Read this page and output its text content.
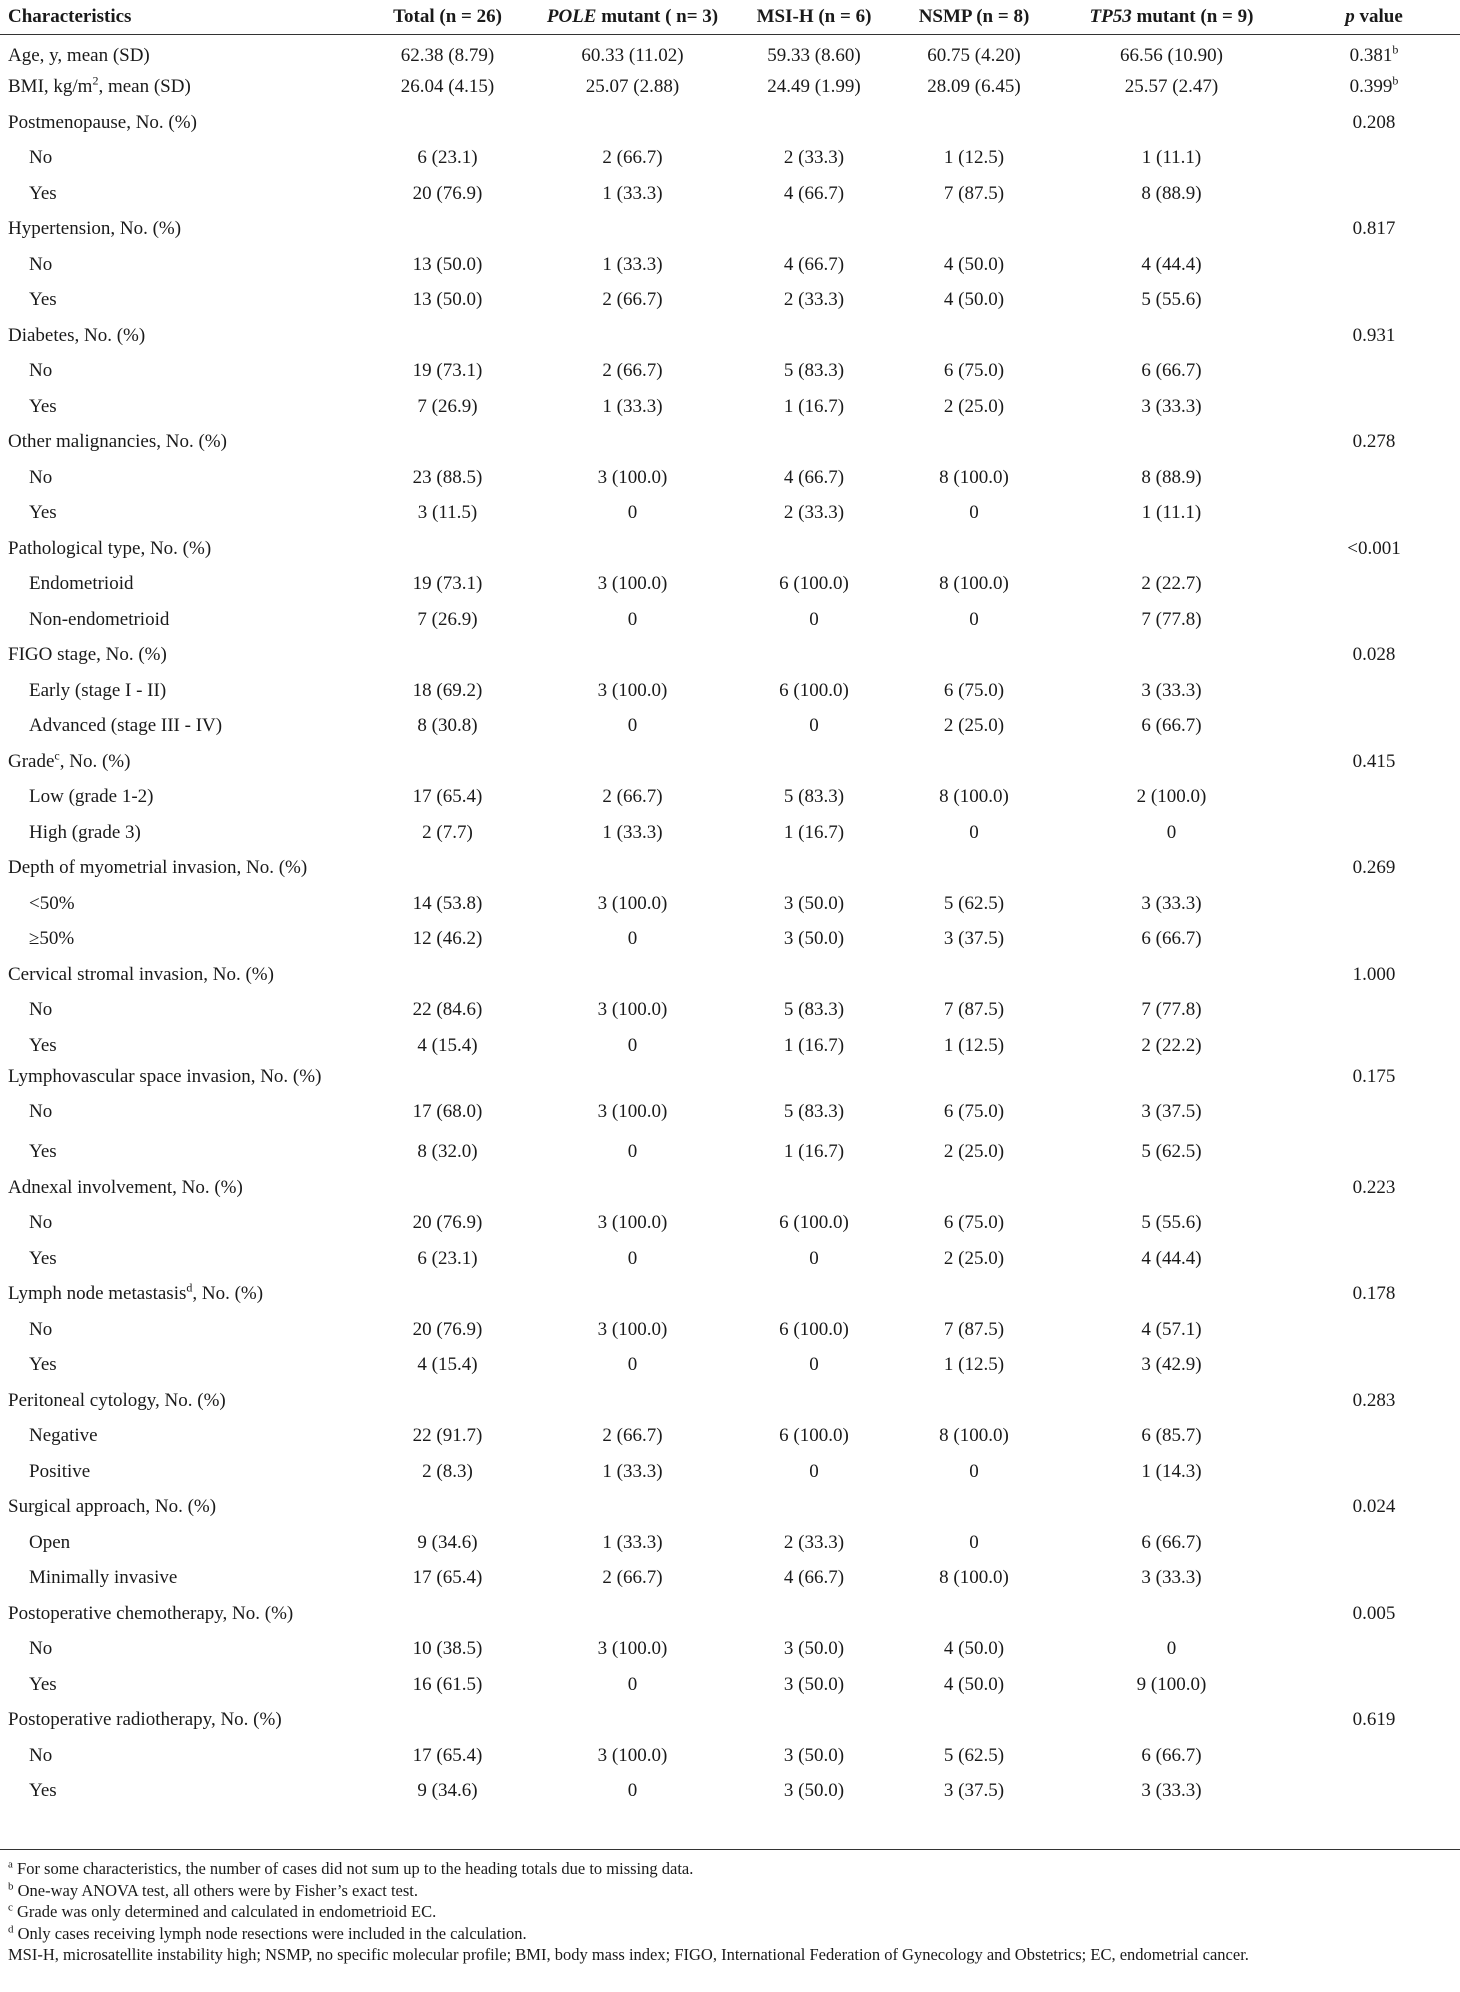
Characteristics	Total (n = 26)	POLE mutant ( n= 3)	MSI-H (n = 6)	NSMP (n = 8)	TP53 mutant (n = 9)	p value
Age, y, mean (SD)	62.38 (8.79)	60.33 (11.02)	59.33 (8.60)	60.75 (4.20)	66.56 (10.90)	0.381$^b$
BMI, $kg/m^2$, mean (SD)	26.04 (4.15)	25.07 (2.88)	24.49 (1.99)	28.09 (6.45)	25.57 (2.47)	0.399$^b$
Postmenopause, No. (%)						0.208
No	6 (23.1)	2 (66.7)	2 (33.3)	1 (12.5)	1 (11.1)	
Yes	20 (76.9)	1 (33.3)	4 (66.7)	7 (87.5)	8 (88.9)	
Hypertension, No. (%)						0.817
No	13 (50.0)	1 (33.3)	4 (66.7)	4 (50.0)	4 (44.4)	
Yes	13 (50.0)	2 (66.7)	2 (33.3)	4 (50.0)	5 (55.6)	
Diabetes, No. (%)						0.931
No	19 (73.1)	2 (66.7)	5 (83.3)	6 (75.0)	6 (66.7)	
Yes	7 (26.9)	1 (33.3)	1 (16.7)	2 (25.0)	3 (33.3)	
Other malignancies, No. (%)						0.278
No	23 (88.5)	3 (100.0)	4 (66.7)	8 (100.0)	8 (88.9)	
Yes	3 (11.5)	0	2 (33.3)	0	1 (11.1)	
Pathological type, No. (%)						<0.001
Endometrioid	19 (73.1)	3 (100.0)	6 (100.0)	8 (100.0)	2 (22.7)	
Non-endometrioid	7 (26.9)	0	0	0	7 (77.8)	
FIGO stage, No. (%)						0.028
Early (stage I - II)	18 (69.2)	3 (100.0)	6 (100.0)	6 (75.0)	3 (33.3)	
Advanced (stage III - IV)	8 (30.8)	0	0	2 (25.0)	6 (66.7)	
Grade$^c$, No. (%)						0.415
Low (grade 1-2)	17 (65.4)	2 (66.7)	5 (83.3)	8 (100.0)	2 (100.0)	
High (grade 3)	2 (7.7)	1 (33.3)	1 (16.7)	0	0	
Depth of myometrial invasion, No. (%)						0.269
<50%	14 (53.8)	3 (100.0)	3 (50.0)	5 (62.5)	3 (33.3)	
≥50%	12 (46.2)	0	3 (50.0)	3 (37.5)	6 (66.7)	
Cervical stromal invasion, No. (%)						1.000
No	22 (84.6)	3 (100.0)	5 (83.3)	7 (87.5)	7 (77.8)	
Yes	4 (15.4)	0	1 (16.7)	1 (12.5)	2 (22.2)	
Lymphovascular space invasion, No. (%)						0.175
No	17 (68.0)	3 (100.0)	5 (83.3)	6 (75.0)	3 (37.5)	
Yes	8 (32.0)	0	1 (16.7)	2 (25.0)	5 (62.5)	
Adnexal involvement, No. (%)						0.223
No	20 (76.9)	3 (100.0)	6 (100.0)	6 (75.0)	5 (55.6)	
Yes	6 (23.1)	0	0	2 (25.0)	4 (44.4)	
Lymph node metastasis$^d$, No. (%)						0.178
No	20 (76.9)	3 (100.0)	6 (100.0)	7 (87.5)	4 (57.1)	
Yes	4 (15.4)	0	0	1 (12.5)	3 (42.9)	
Peritoneal cytology, No. (%)						0.283
Negative	22 (91.7)	2 (66.7)	6 (100.0)	8 (100.0)	6 (85.7)	
Positive	2 (8.3)	1 (33.3)	0	0	1 (14.3)	
Surgical approach, No. (%)						0.024
Open	9 (34.6)	1 (33.3)	2 (33.3)	0	6 (66.7)	
Minimally invasive	17 (65.4)	2 (66.7)	4 (66.7)	8 (100.0)	3 (33.3)	
Postoperative chemotherapy, No. (%)						0.005
No	10 (38.5)	3 (100.0)	3 (50.0)	4 (50.0)	0	
Yes	16 (61.5)	0	3 (50.0)	4 (50.0)	9 (100.0)	
Postoperative radiotherapy, No. (%)						0.619
No	17 (65.4)	3 (100.0)	3 (50.0)	5 (62.5)	6 (66.7)	
Yes	9 (34.6)	0	3 (50.0)	3 (37.5)	3 (33.3)	
$^a$ For some characteristics, the number of cases did not sum up to the heading totals due to missing data.
$^b$ One-way ANOVA test, all others were by Fisher’s exact test.
$^c$ Grade was only determined and calculated in endometrioid EC.
$^d$ Only cases receiving lymph node resections were included in the calculation.
MSI-H, microsatellite instability high; NSMP, no specific molecular profile; BMI, body mass index; FIGO, International Federation of Gynecology and Obstetrics; EC, endometrial cancer.
